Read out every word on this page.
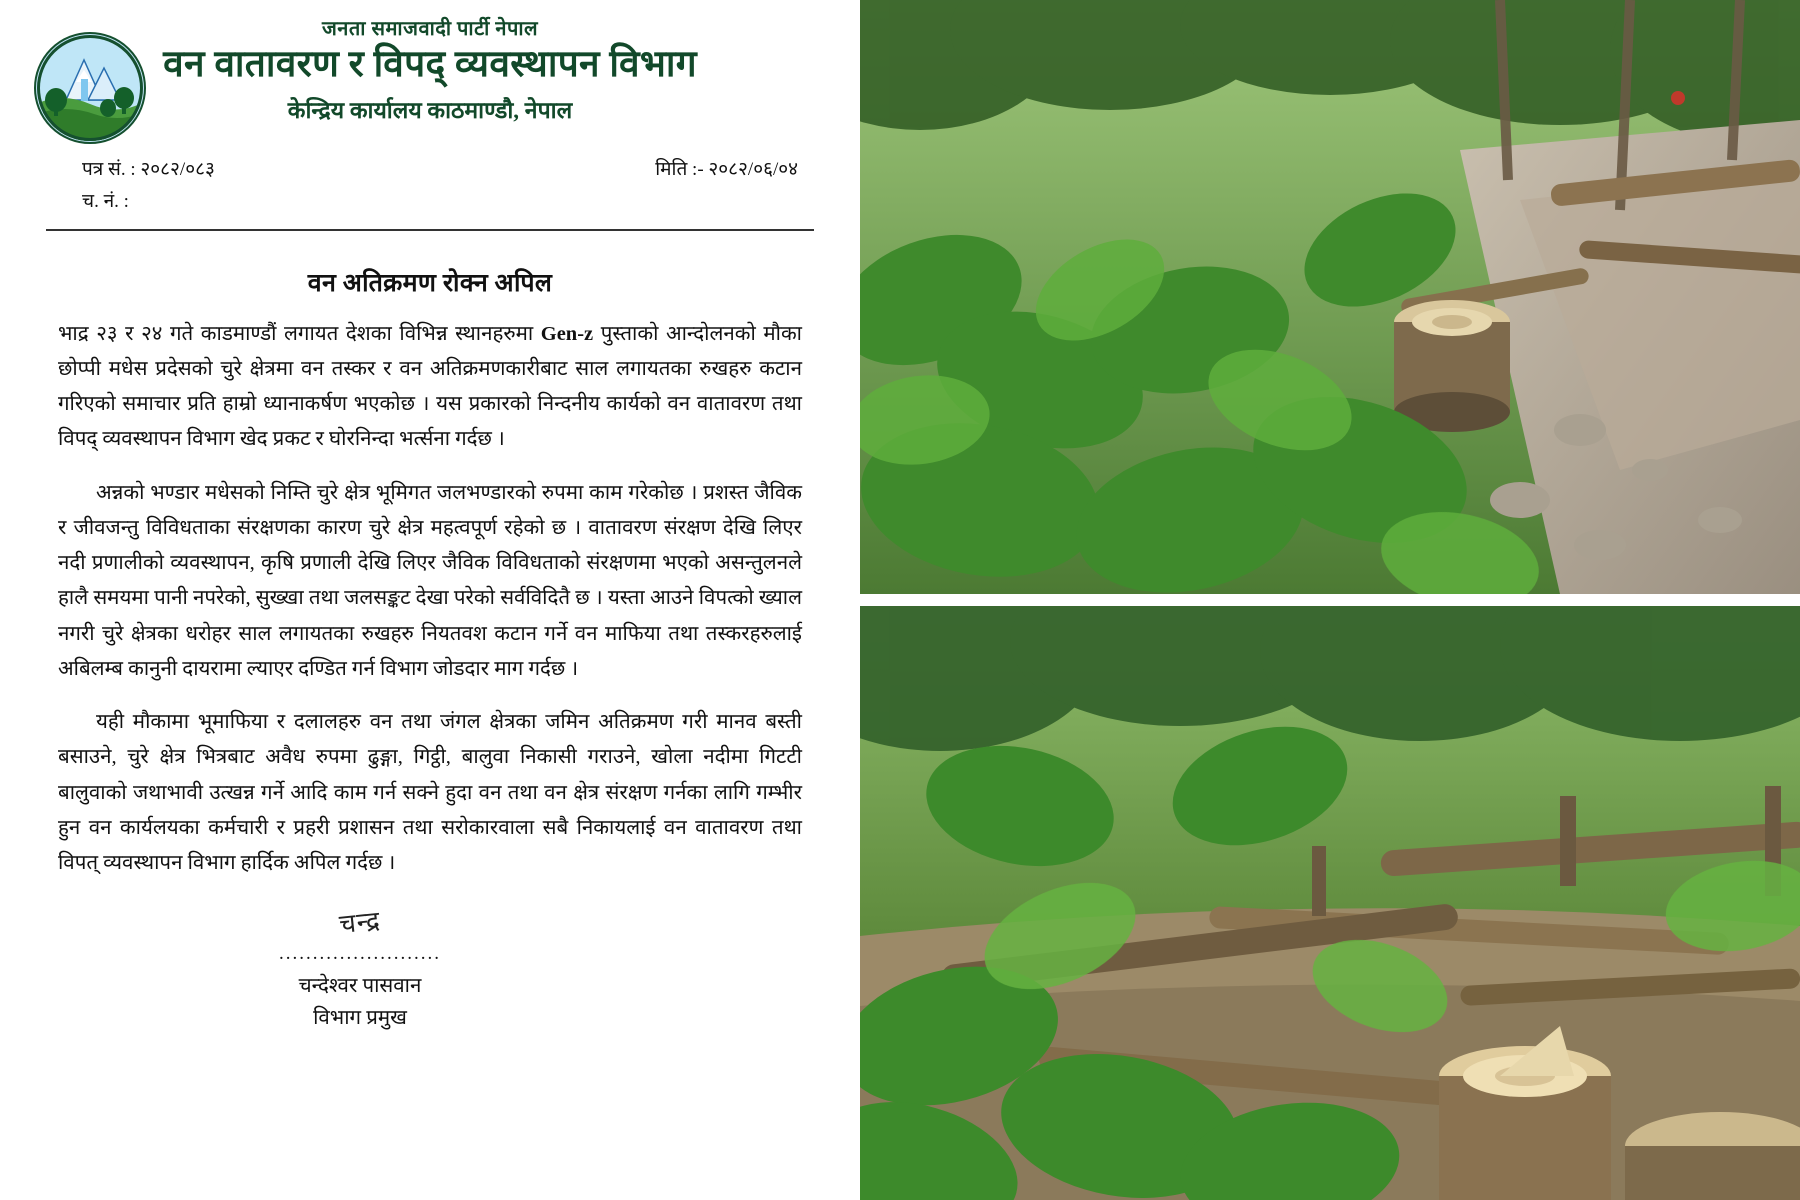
जनता समाजवादी पार्टी नेपाल
वन वातावरण र विपद् व्यवस्थापन विभाग
केन्द्रिय कार्यालय काठमाण्डौ, नेपाल
पत्र सं. : २०८२/०८३
च. नं. :
मिति :- २०८२/०६/०४
वन अतिक्रमण रोक्न अपिल

भाद्र २३ र २४ गते काडमाण्डौं लगायत देशका विभिन्न स्थानहरुमा Gen-z पुस्ताको आन्दोलनको मौका छोप्पी मधेस प्रदेसको चुरे क्षेत्रमा वन तस्कर र वन अतिक्रमणकारीबाट साल लगायतका रुखहरु कटान गरिएको समाचार प्रति हाम्रो ध्यानाकर्षण भएकोछ । यस प्रकारको निन्दनीय कार्यको वन वातावरण तथा विपद् व्यवस्थापन विभाग खेद प्रकट र घोरनिन्दा भर्त्सना गर्दछ ।

अन्नको भण्डार मधेसको निम्ति चुरे क्षेत्र भूमिगत जलभण्डारको रुपमा काम गरेकोछ । प्रशस्त जैविक र जीवजन्तु विविधताका संरक्षणका कारण चुरे क्षेत्र महत्वपूर्ण रहेको छ । वातावरण संरक्षण देखि लिएर नदी प्रणालीको व्यवस्थापन, कृषि प्रणाली देखि लिएर जैविक विविधताको संरक्षणमा भएको असन्तुलनले हालै समयमा पानी नपरेको, सुख्खा तथा जलसङ्कट देखा परेको सर्वविदितै छ । यस्ता आउने विपत्को ख्याल नगरी चुरे क्षेत्रका धरोहर साल लगायतका रुखहरु नियतवश कटान गर्ने वन माफिया तथा तस्करहरुलाई अबिलम्ब कानुनी दायरामा ल्याएर दण्डित गर्न विभाग जोडदार माग गर्दछ ।

यही मौकामा भूमाफिया र दलालहरु वन तथा जंगल क्षेत्रका जमिन अतिक्रमण गरी मानव बस्ती बसाउने, चुरे क्षेत्र भित्रबाट अवैध रुपमा ढुङ्गा, गिट्ठी, बालुवा निकासी गराउने, खोला नदीमा गिटटी बालुवाको जथाभावी उत्खन्न गर्ने आदि काम गर्न सक्ने हुदा वन तथा वन क्षेत्र संरक्षण गर्नका लागि गम्भीर हुन वन कार्यलयका कर्मचारी र प्रहरी प्रशासन तथा सरोकारवाला सबै निकायलाई वन वातावरण तथा विपत् व्यवस्थापन विभाग हार्दिक अपिल गर्दछ ।

चन्द्र
........................
चन्देश्वर पासवान
विभाग प्रमुख
